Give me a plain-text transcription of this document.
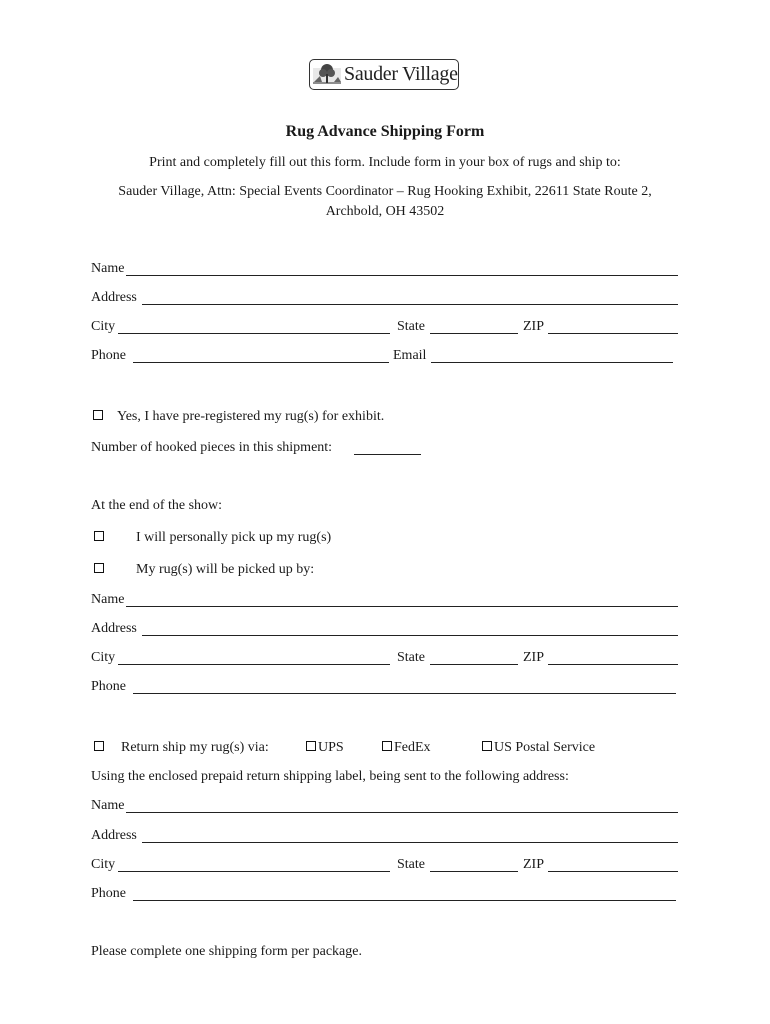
Sauder Village
Rug Advance Shipping Form
Print and completely fill out this form. Include form in your box of rugs and ship to:
Sauder Village, Attn: Special Events Coordinator – Rug Hooking Exhibit, 22611 State Route 2,
Archbold, OH 43502
Name
Address
City	State	ZIP
Phone	Email
Yes, I have pre-registered my rug(s) for exhibit.
Number of hooked pieces in this shipment:
At the end of the show:
I will personally pick up my rug(s)
My rug(s) will be picked up by:
Name
Address
City	State	ZIP
Phone
Return ship my rug(s) via:	UPS	FedEx	US Postal Service
Using the enclosed prepaid return shipping label, being sent to the following address:
Name
Address
City	State	ZIP
Phone
Please complete one shipping form per package.
